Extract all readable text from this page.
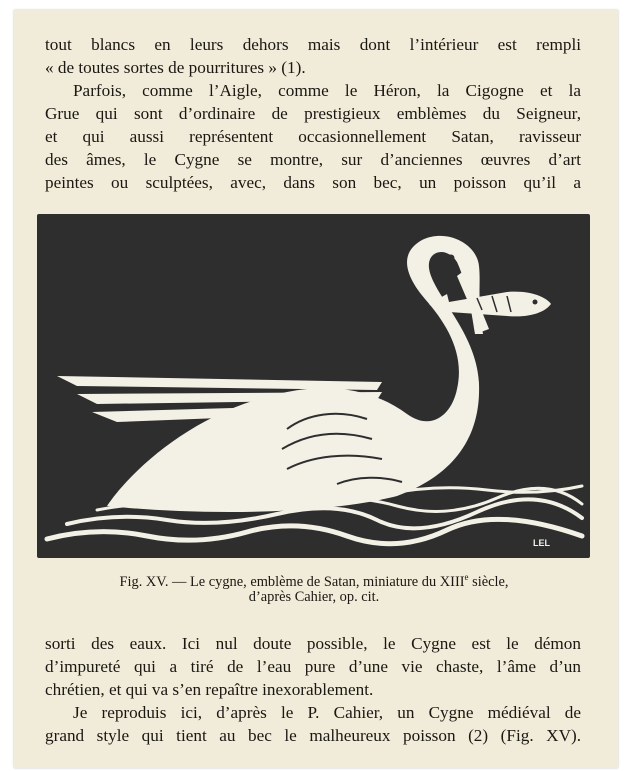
tout blancs en leurs dehors mais dont l’intérieur est rempli
« de toutes sortes de pourritures » (1).
Parfois, comme l’Aigle, comme le Héron, la Cigogne et la
Grue qui sont d’ordinaire de prestigieux emblèmes du Seigneur,
et qui aussi représentent occasionnellement Satan, ravisseur
des âmes, le Cygne se montre, sur d’anciennes œuvres d’art
peintes ou sculptées, avec, dans son bec, un poisson qu’il a
LEL
Fig. XV. — Le cygne, emblème de Satan, miniature du XIIIe siècle,
d’après Cahier, op. cit.
sorti des eaux. Ici nul doute possible, le Cygne est le démon
d’impureté qui a tiré de l’eau pure d’une vie chaste, l’âme d’un
chrétien, et qui va s’en repaître inexorablement.
Je reproduis ici, d’après le P. Cahier, un Cygne médiéval de
grand style qui tient au bec le malheureux poisson (2) (Fig. XV).
